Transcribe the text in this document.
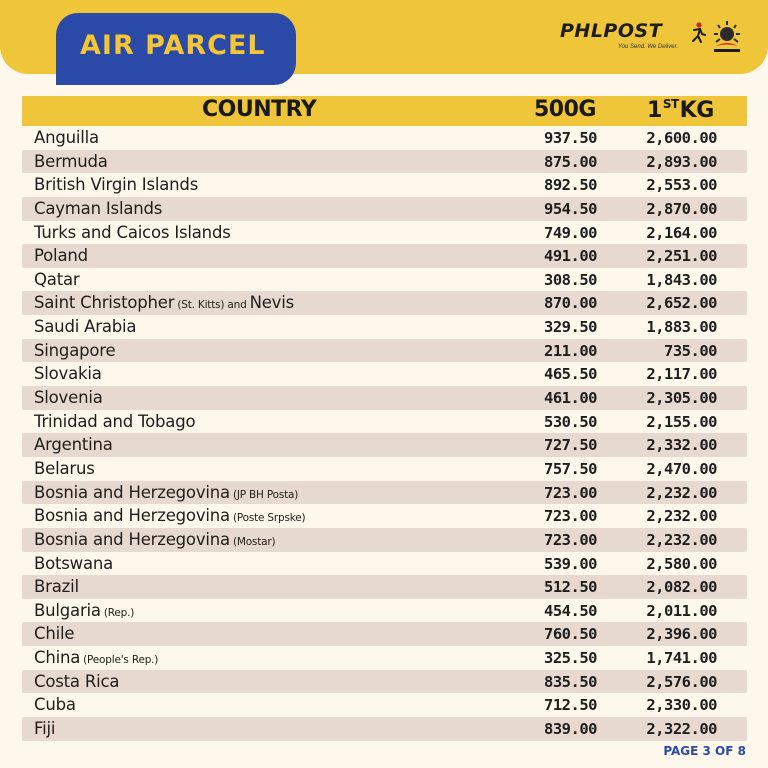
AIR PARCEL	PHLPOST
You Send. We Deliver.
COUNTRY	500G 1STKG
Anguilla	937.50	2,600.00
Bermuda	875.00	2,893.00
British Virgin Islands	892.50	2,553.00
Cayman Islands	954.50	2,870.00
Turks and Caicos Islands	749.00	2,164.00
Poland	491.00	2,251.00
Qatar	308.50	1,843.00
Saint Christopher (St. Kitts) and Nevis	870.00	2,652.00
Saudi Arabia	329.50	1,883.00
Singapore	211.00	735.00
Slovakia	465.50	2,117.00
Slovenia	461.00	2,305.00
Trinidad and Tobago	530.50	2,155.00
Argentina	727.50	2,332.00
Belarus	757.50	2,470.00
Bosnia and Herzegovina (JP BH Posta)	723.00	2,232.00
Bosnia and Herzegovina (Poste Srpske)	723.00	2,232.00
Bosnia and Herzegovina (Mostar)	723.00	2,232.00
Botswana	539.00	2,580.00
Brazil	512.50	2,082.00
Bulgaria (Rep.)	454.50	2,011.00
Chile	760.50	2,396.00
China (People's Rep.)	325.50	1,741.00
Costa Rica	835.50	2,576.00
Cuba	712.50	2,330.00
Fiji	839.00	2,322.00
PAGE 3 OF 8
